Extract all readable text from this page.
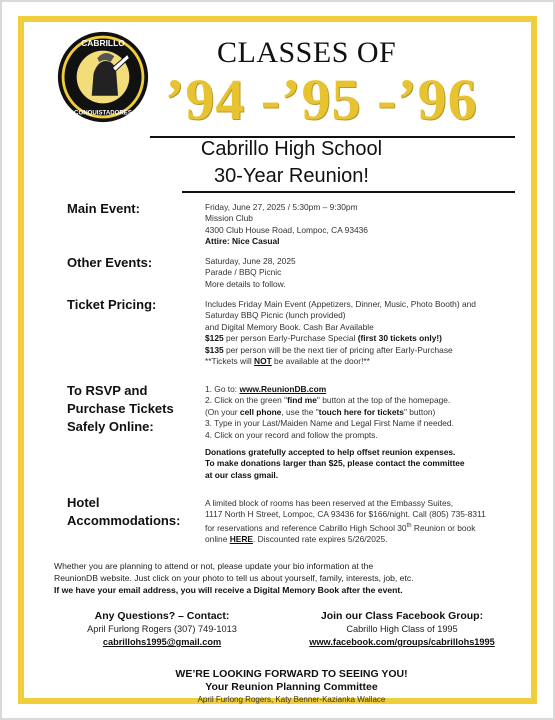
CABRILLO
CONQUISTADORES
CLASSES OF
’94 -’95 -’96
Cabrillo High School
30-Year Reunion!
Main Event:	Friday, June 27, 2025 / 5:30pm – 9:30pm
Mission Club
4300 Club House Road, Lompoc, CA 93436
Attire: Nice Casual
Other Events:	Saturday, June 28, 2025
Parade / BBQ Picnic
More details to follow.
Ticket Pricing:	Includes Friday Main Event (Appetizers, Dinner, Music, Photo Booth) and
Saturday BBQ Picnic (lunch provided)
and Digital Memory Book. Cash Bar Available
$125 per person Early-Purchase Special (first 30 tickets only!)
$135 per person will be the next tier of pricing after Early-Purchase
**Tickets will NOT be available at the door!**
To RSVP and
Purchase Tickets
Safely Online:
1. Go to: www.ReunionDB.com
2. Click on the green "find me" button at the top of the homepage.
(On your cell phone, use the "touch here for tickets" button)
3. Type in your Last/Maiden Name and Legal First Name if needed.
4. Click on your record and follow the prompts.
Donations gratefully accepted to help offset reunion expenses.
To make donations larger than $25, please contact the committee
at our class gmail.
Hotel
Accommodations:
A limited block of rooms has been reserved at the Embassy Suites,
1117 North H Street, Lompoc, CA 93436 for $166/night. Call (805) 735-8311
for reservations and reference Cabrillo High School 30th Reunion or book
online HERE. Discounted rate expires 5/26/2025.
Whether you are planning to attend or not, please update your bio information at the
ReunionDB website. Just click on your photo to tell us about yourself, family, interests, job, etc.
If we have your email address, you will receive a Digital Memory Book after the event.
Any Questions? – Contact:
April Furlong Rogers (307) 749-1013
cabrillohs1995@gmail.com
Join our Class Facebook Group:
Cabrillo High Class of 1995
www.facebook.com/groups/cabrillohs1995
WE’RE LOOKING FORWARD TO SEEING YOU!
Your Reunion Planning Committee
April Furlong Rogers, Katy Benner-Kazianka Wallace
